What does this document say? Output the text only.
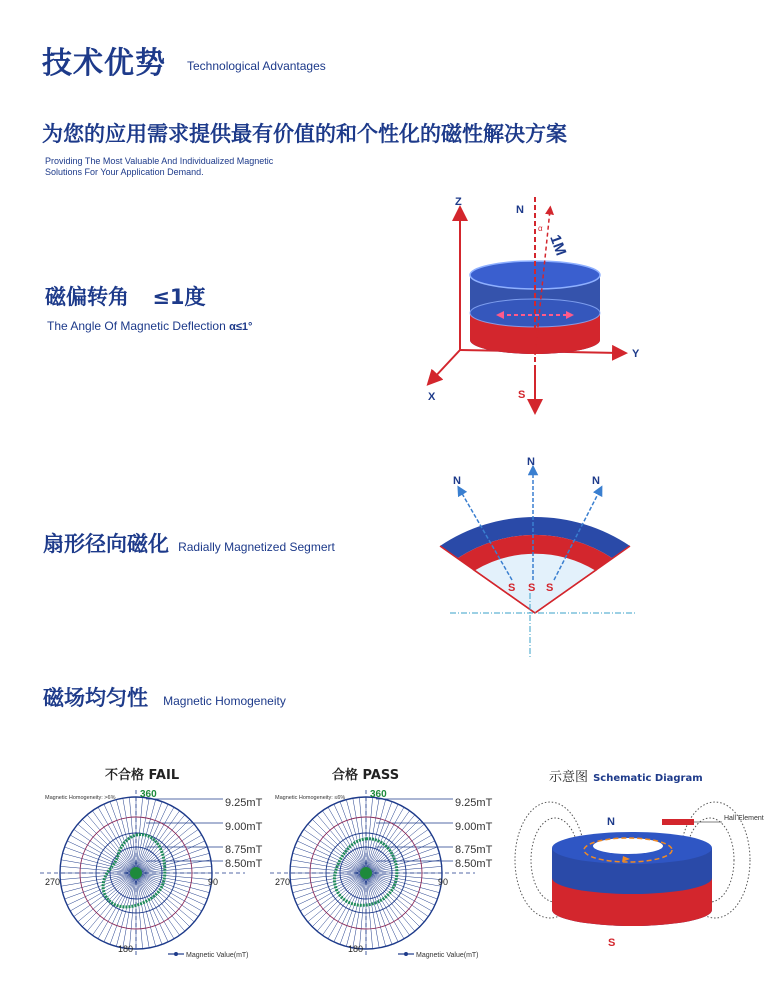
技术优势 Technological Advantages
为您的应用需求提供最有价值的和个性化的磁性解决方案
Providing The Most Valuable And Individualized Magnetic
Solutions For Your Application Demand.
磁偏转角 ≤1度
The Angle Of Magnetic Deflection α≤1°
Z
Y
X
N
S
1M
α
扇形径向磁化 Radially Magnetized Segmert
N
N
N
S S S
磁场均匀性 Magnetic Homogeneity
不合格 FAIL	合格 PASS	示意图 Schematic Diagram
Magnetic Homogeneity: >6% 360
270	90
180
9.25mT
9.00mT
8.75mT
8.50mT
Magnetic Value(mT)
Magnetic Homogeneity: ≤6% 360
270	90
180
9.25mT
9.00mT
8.75mT
8.50mT
Magnetic Value(mT)
Hall Element
N
S
